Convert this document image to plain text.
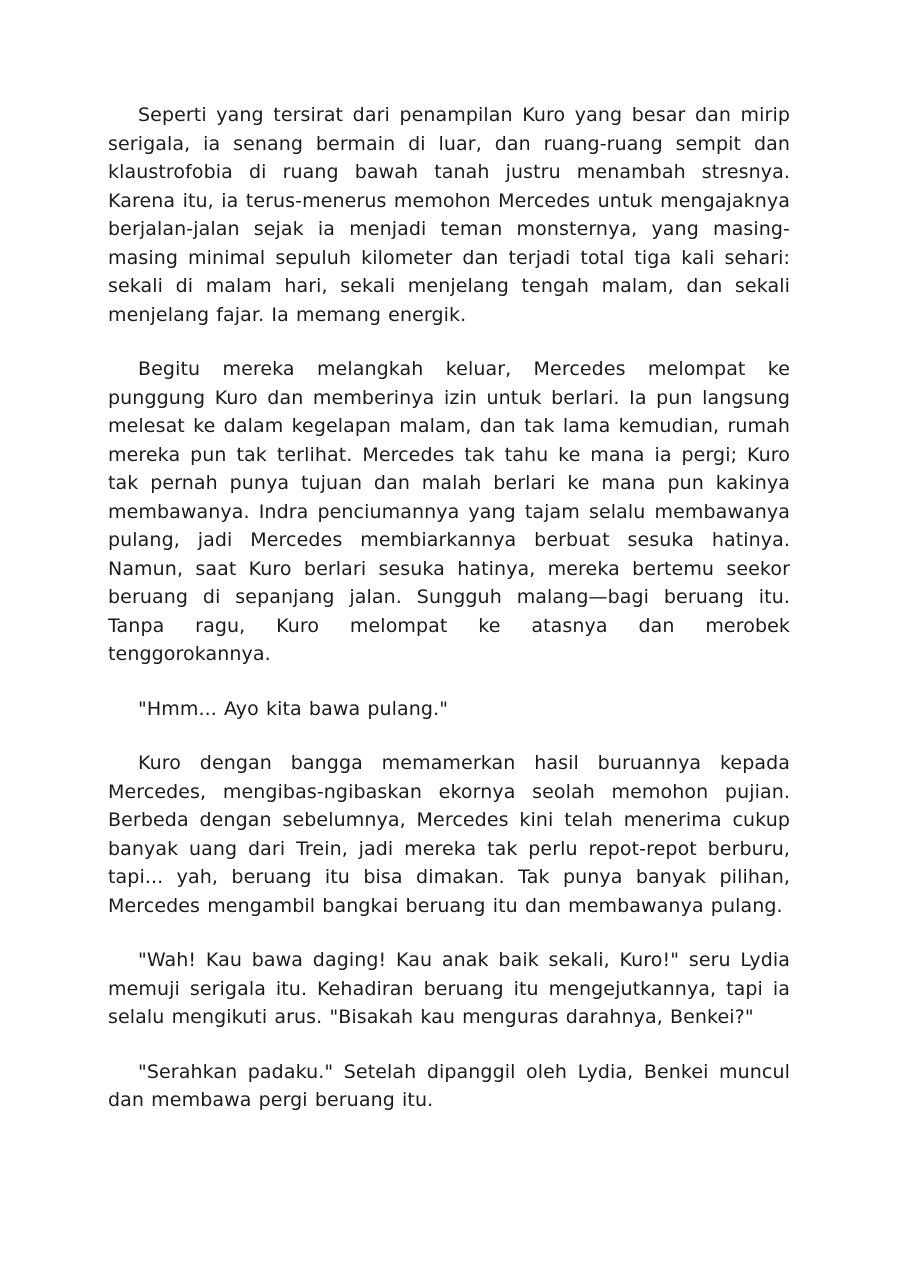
Seperti yang tersirat dari penampilan Kuro yang besar dan mirip serigala, ia senang bermain di luar, dan ruang-ruang sempit dan klaustrofobia di ruang bawah tanah justru menambah stresnya. Karena itu, ia terus-menerus memohon Mercedes untuk mengajaknya berjalan-jalan sejak ia menjadi teman monsternya, yang masing-masing minimal sepuluh kilometer dan terjadi total tiga kali sehari: sekali di malam hari, sekali menjelang tengah malam, dan sekali menjelang fajar. Ia memang energik.

Begitu mereka melangkah keluar, Mercedes melompat ke punggung Kuro dan memberinya izin untuk berlari. Ia pun langsung melesat ke dalam kegelapan malam, dan tak lama kemudian, rumah mereka pun tak terlihat. Mercedes tak tahu ke mana ia pergi; Kuro tak pernah punya tujuan dan malah berlari ke mana pun kakinya membawanya. Indra penciumannya yang tajam selalu membawanya pulang, jadi Mercedes membiarkannya berbuat sesuka hatinya. Namun, saat Kuro berlari sesuka hatinya, mereka bertemu seekor beruang di sepanjang jalan. Sungguh malang—bagi beruang itu. Tanpa ragu, Kuro melompat ke atasnya dan merobek tenggorokannya.

"Hmm... Ayo kita bawa pulang."

Kuro dengan bangga memamerkan hasil buruannya kepada Mercedes, mengibas-ngibaskan ekornya seolah memohon pujian. Berbeda dengan sebelumnya, Mercedes kini telah menerima cukup banyak uang dari Trein, jadi mereka tak perlu repot-repot berburu, tapi... yah, beruang itu bisa dimakan. Tak punya banyak pilihan, Mercedes mengambil bangkai beruang itu dan membawanya pulang.

"Wah! Kau bawa daging! Kau anak baik sekali, Kuro!" seru Lydia memuji serigala itu. Kehadiran beruang itu mengejutkannya, tapi ia selalu mengikuti arus. "Bisakah kau menguras darahnya, Benkei?"

"Serahkan padaku." Setelah dipanggil oleh Lydia, Benkei muncul dan membawa pergi beruang itu.
